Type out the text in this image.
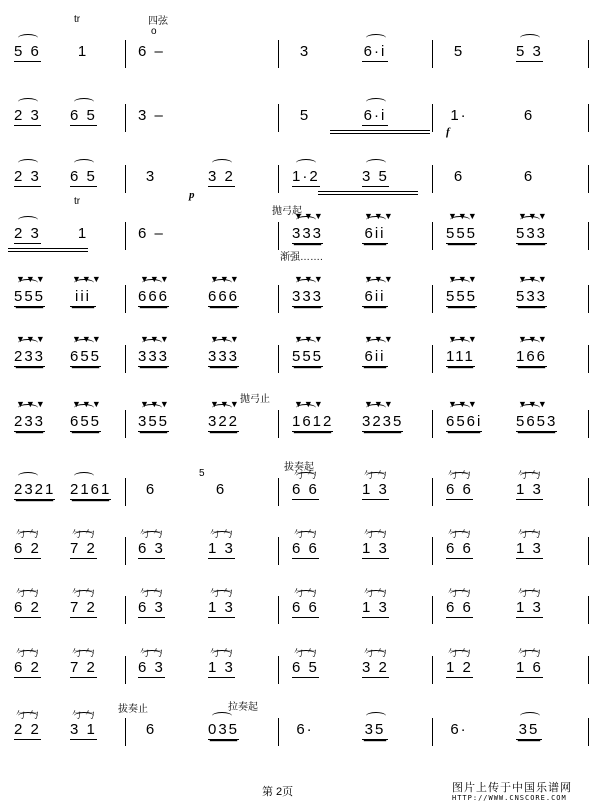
5 6	1	6 –	3	6·i	5	5 3
tr	四弦
o
2 3 6 5	3 –	5	6·i	1·	6
f
2 3 6 5	3	3 2	1·2	3 5	6	6
p
2 3	1	6 –	333
▼▼▼
6ii
▼▼▼
555
▼▼▼
533
▼▼▼
tr
抛弓起
渐强…….
555
▼▼▼
iii
▼▼▼
666
▼▼▼
666
▼▼▼
333
▼▼▼
6ii
▼▼▼
555
▼▼▼
533
▼▼▼
233
▼▼▼
655
▼▼▼
333
▼▼▼
333
▼▼▼
555
▼▼▼
6ii
▼▼▼
111
▼▼▼
166
▼▼▼
233
▼▼▼
655
▼▼▼
355
▼▼▼
322
▼▼▼
1612
▼▼▼
3235
▼▼▼
656i
▼▼▼
5653
▼▼▼
抛弓止
2321 2161	6	6	6 6
勹 勹
1 3
勹 勹
6 6
勹 勹
1 3
勹 勹
拔奏起
5
6 2
勹 勹
7 2
勹 勹
6 3
勹 勹
1 3
勹 勹
6 6
勹 勹
1 3
勹 勹
6 6
勹 勹
1 3
勹 勹
6 2
勹 勹
7 2
勹 勹
6 3
勹 勹
1 3
勹 勹
6 6
勹 勹
1 3
勹 勹
6 6
勹 勹
1 3
勹 勹
6 2
勹 勹
7 2
勹 勹
6 3
勹 勹
1 3
勹 勹
6 5
勹 勹
3 2
勹 勹
1 2
勹 勹
1 6
勹 勹
2 2
勹 勹
3 1
勹 勹
6	035	6·	35	6·	35
拔奏止	拉奏起
第 2页	图片上传于中国乐谱网
HTTP://WWW.CNSCORE.COM
